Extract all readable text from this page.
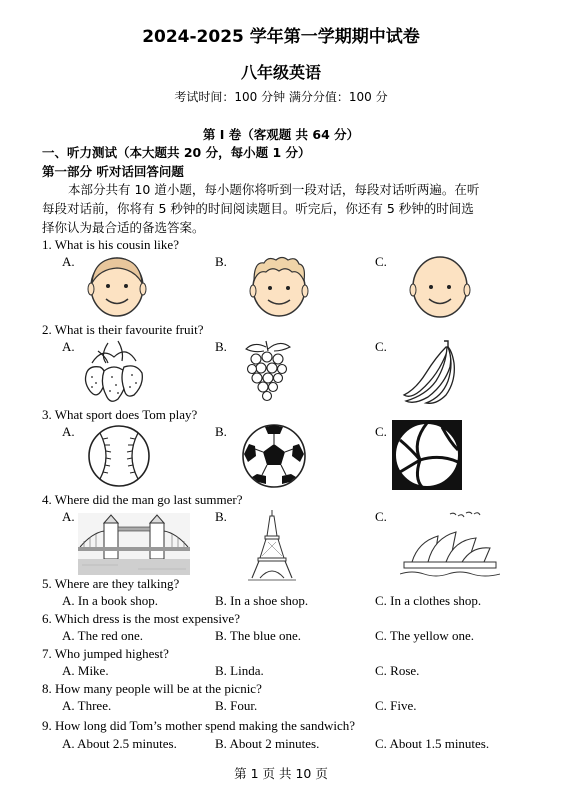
2024-2025 学年第一学期期中试卷
八年级英语
考试时间：100 分钟 满分分值：100 分
第 I 卷（客观题 共 64 分）
一、听力测试（本大题共 20 分，每小题 1 分）
第一部分 听对话回答问题
本部分共有 10 道小题，每小题你将听到一段对话，每段对话听两遍。在听
每段对话前，你将有 5 秒钟的时间阅读题目。听完后，你还有 5 秒钟的时间选
择你认为最合适的备选答案。
1. What is his cousin like?
A.	B.	C.
2. What is their favourite fruit?
A.	B.	C.
3. What sport does Tom play?
A.	B.	C.
4. Where did the man go last summer?
A.	B.	C.
5. Where are they talking?
A. In a book shop.	B. In a shoe shop.	C. In a clothes shop.
6. Which dress is the most expensive?
A. The red one.	B. The blue one.	C. The yellow one.
7. Who jumped highest?
A. Mike.	B. Linda.	C. Rose.
8. How many people will be at the picnic?
A. Three.	B. Four.	C. Five.
9. How long did Tom’s mother spend making the sandwich?
A. About 2.5 minutes.	B. About 2 minutes.	C. About 1.5 minutes.
第 1 页 共 10 页
